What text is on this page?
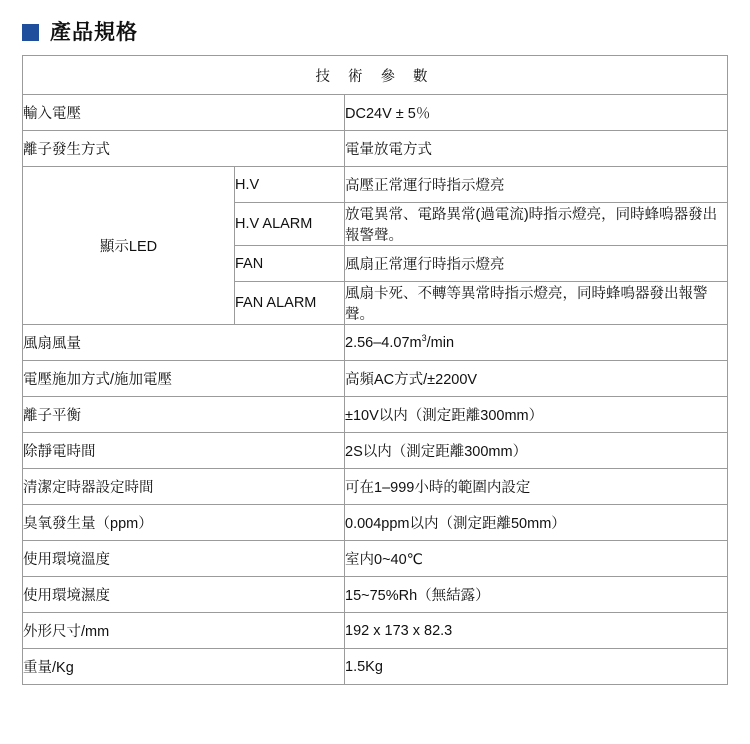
產品規格
技 術 參 數		
輸入電壓		DC24V ± 5％
離子發生方式		電暈放電方式
顯示LED	H.V	高壓正常運行時指示燈亮
	H.V ALARM	放電異常、電路異常(過電流)時指示燈亮，同時蜂嗚器發出報警聲。
	FAN	風扇正常運行時指示燈亮
	FAN ALARM	風扇卡死、不轉等異常時指示燈亮，同時蜂鳴器發出報警聲。
風扇風量		$2.56-4.07m^3/\min$
電壓施加方式/施加電壓		高頻AC方式/±2200V
離子平衡		±10V以内（測定距離300mm）
除靜電時間		2S以内（測定距離300mm）
清潔定時器設定時間		可在1–999小時的範圍内設定
臭氧發生量（ppm）		0.004ppm以内（測定距離50mm）
使用環境溫度		室内0~40℃
使用環境濕度		15~75%Rh（無結露）
外形尺寸/mm		192 x 173 x 82.3
重量/Kg		1.5Kg
